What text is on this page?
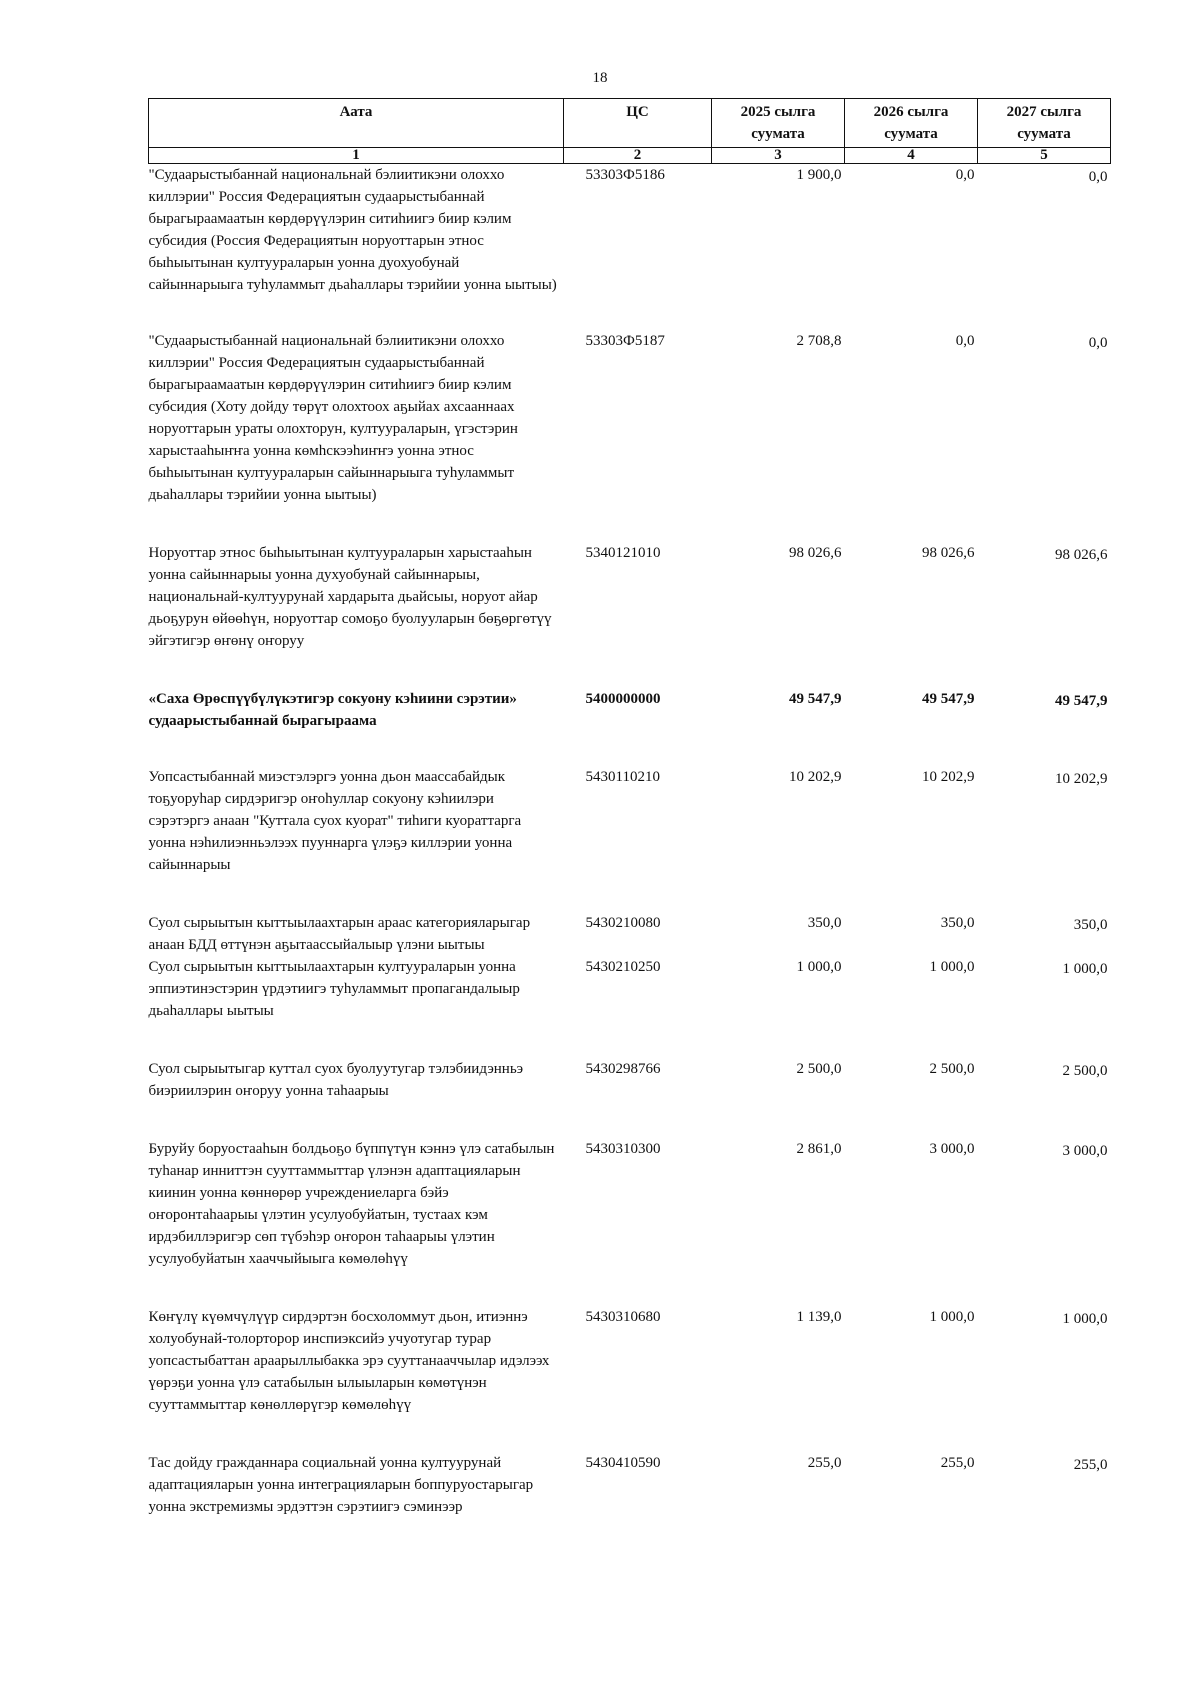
18
Аата	ЦС	2025 сылга суумата	2026 сылга суумата	2027 сылга суумата
1	2	3	4	5
"Судаарыстыбаннай национальнай бэлиитикэни олоххо киллэрии" Россия Федерациятын судаарыстыбаннай бырагыраамаатын көрдөрүүлэрин ситиһиигэ биир кэлим субсидия (Россия Федерациятын норуоттарын этнос быһыытынан култуураларын уонна дуохуобунай сайыннарыыга туһуламмыт дьаһаллары тэрийии уонна ыытыы)	53303Ф5186	1 900,0	0,0	0,0
"Судаарыстыбаннай национальнай бэлиитикэни олоххо киллэрии" Россия Федерациятын судаарыстыбаннай бырагыраамаатын көрдөрүүлэрин ситиһиигэ биир кэлим субсидия (Хоту дойду төрүт олохтоох аҕыйах ахсааннаах норуоттарын ураты олохторун, култуураларын, үгэстэрин харыстааһыҥҥа уонна көмһскээһиҥҥэ уонна этнос быһыытынан култуураларын сайыннарыыга туһуламмыт дьаһаллары тэрийии уонна ыытыы)	53303Ф5187	2 708,8	0,0	0,0
Норуоттар этнос быһыытынан култуураларын харыстааһын уонна сайыннарыы уонна духуобунай сайыннарыы, национальнай-култуурунай хардарыта дьайсыы, норуот айар дьоҕурун өйөөһүн, норуоттар сомоҕо буолууларын бөҕөргөтүү эйгэтигэр өҥөнү оҥоруу	5340121010	98 026,6	98 026,6	98 026,6
«Саха Өрөспүүбүлүкэтигэр сокуону кэһиини сэрэтии» судаарыстыбаннай бырагыраама	5400000000	49 547,9	49 547,9	49 547,9
Уопсастыбаннай миэстэлэргэ уонна дьон маассабайдык тоҕуоруһар сирдэригэр оҥоһуллар сокуону кэһиилэри сэрэтэргэ анаан "Куттала суох куорат" тиһиги куораттарга уонна нэһилиэнньэлээх пууннарга үлэҕэ киллэрии уонна сайыннарыы	5430110210	10 202,9	10 202,9	10 202,9
Суол сырыытын кыттыылаахтарын араас категорияларыгар анаан БДД өттүнэн аҕытаассыйалыыр үлэни ыытыы	5430210080	350,0	350,0	350,0
Суол сырыытын кыттыылаахтарын култуураларын уонна эппиэтинэстэрин үрдэтиигэ туһуламмыт пропагандалыыр дьаһаллары ыытыы	5430210250	1 000,0	1 000,0	1 000,0
Суол сырыытыгар куттал суох буолуутугар тэлэбиидэнньэ биэриилэрин оҥоруу уонна таһаарыы	5430298766	2 500,0	2 500,0	2 500,0
Буруйу боруостааһын болдьоҕо бүппүтүн кэннэ үлэ сатабылын туһанар инниттэн сууттаммыттар үлэнэн адаптацияларын киинин уонна көннөрөр учреждениеларга бэйэ оҥоронтаһаарыы үлэтин усулуобуйатын, тустаах кэм ирдэбиллэригэр сөп түбэһэр оҥорон таһаарыы үлэтин усулуобуйатын хааччыйыыга көмөлөһүү	5430310300	2 861,0	3 000,0	3 000,0
Көҥүлү күөмчүлүүр сирдэртэн босхоломмут дьон, итиэннэ холуобунай-толорторор инспиэксийэ учуотугар турар уопсастыбаттан араарыллыбакка эрэ сууттанааччылар идэлээх үөрэҕи уонна үлэ сатабылын ылыыларын көмөтүнэн сууттаммыттар көнөллөрүгэр көмөлөһүү	5430310680	1 139,0	1 000,0	1 000,0
Тас дойду гражданнара социальнай уонна култуурунай адаптацияларын уонна интеграцияларын боппуруостарыгар уонна экстремизмы эрдэттэн сэрэтиигэ сэминээр	5430410590	255,0	255,0	255,0
